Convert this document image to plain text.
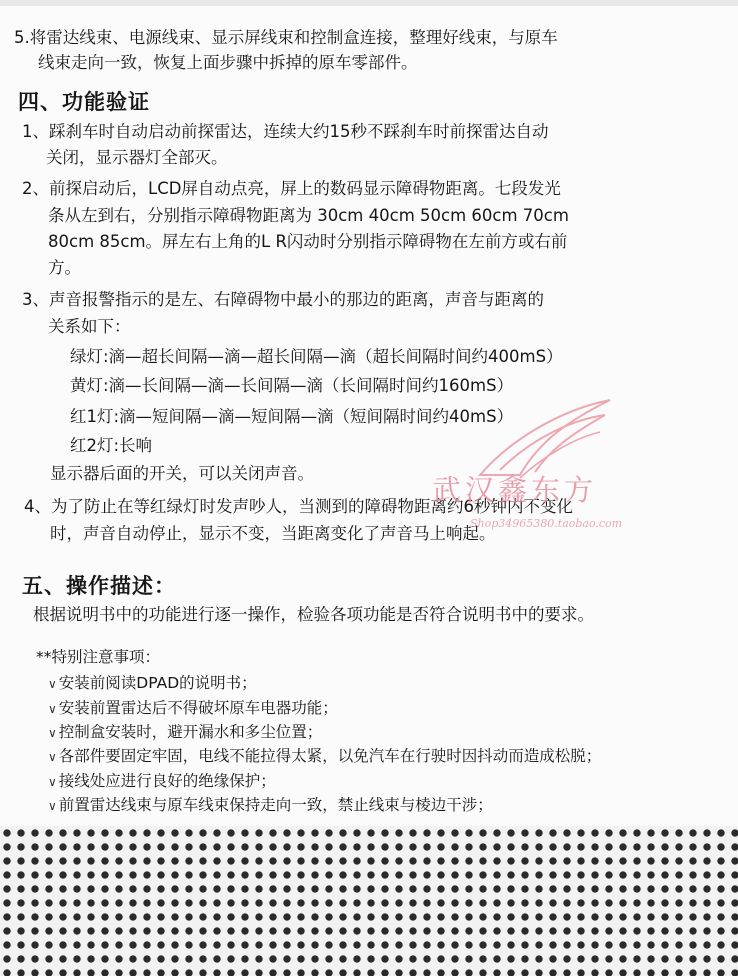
5.将雷达线束、电源线束、显示屏线束和控制盒连接，整理好线束，与原车
线束走向一致，恢复上面步骤中拆掉的原车零部件。
四、功能验证
1、踩刹车时自动启动前探雷达，连续大约15秒不踩刹车时前探雷达自动
关闭，显示器灯全部灭。
2、前探启动后，LCD屏自动点亮，屏上的数码显示障碍物距离。七段发光
条从左到右，分别指示障碍物距离为 30cm 40cm 50cm 60cm 70cm
80cm 85cm。屏左右上角的L R闪动时分别指示障碍物在左前方或右前
方。
3、声音报警指示的是左、右障碍物中最小的那边的距离，声音与距离的
关系如下：
绿灯:滴—超长间隔—滴—超长间隔—滴（超长间隔时间约400mS）
黄灯:滴—长间隔—滴—长间隔—滴（长间隔时间约160mS）
红1灯:滴—短间隔—滴—短间隔—滴（短间隔时间约40mS）
红2灯:长响
显示器后面的开关，可以关闭声音。
4、为了防止在等红绿灯时发声吵人，当测到的障碍物距离约6秒钟内不变化
时，声音自动停止，显示不变，当距离变化了声音马上响起。
五、操作描述：
根据说明书中的功能进行逐一操作，检验各项功能是否符合说明书中的要求。
**特别注意事项：
∨ 安装前阅读DPAD的说明书；
∨ 安装前置雷达后不得破坏原车电器功能；
∨ 控制盒安装时，避开漏水和多尘位置；
∨ 各部件要固定牢固，电线不能拉得太紧，以免汽车在行驶时因抖动而造成松脱；
∨ 接线处应进行良好的绝缘保护；
∨ 前置雷达线束与原车线束保持走向一致，禁止线束与棱边干涉；
武汉鑫东方
Shop34965380.taobao.com
